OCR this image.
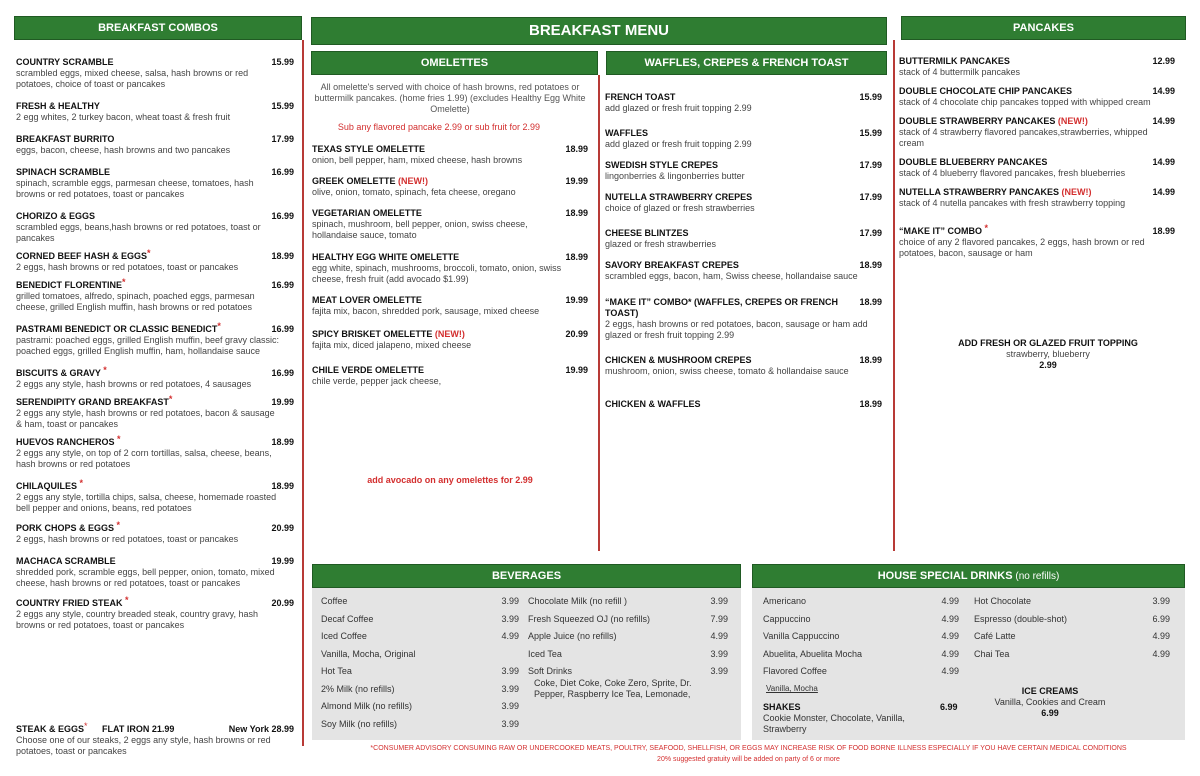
BREAKFAST COMBOS
COUNTRY SCRAMBLE	15.99
scrambled eggs, mixed cheese, salsa, hash browns or red potatoes, choice of toast or pancakes
FRESH & HEALTHY	15.99
2 egg whites, 2 turkey bacon, wheat toast & fresh fruit
BREAKFAST BURRITO	17.99
eggs, bacon, cheese, hash browns and two pancakes
SPINACH SCRAMBLE	16.99
spinach, scramble eggs, parmesan cheese, tomatoes, hash browns or red potatoes, toast or pancakes
CHORIZO & EGGS	16.99
scrambled eggs, beans,hash browns or red potatoes, toast or pancakes
CORNED BEEF HASH & EGGS*	18.99
2 eggs, hash browns or red potatoes, toast or pancakes
BENEDICT FLORENTINE*	16.99
grilled tomatoes, alfredo, spinach, poached eggs, parmesan cheese, grilled English muffin, hash browns or red potatoes
PASTRAMI BENEDICT OR CLASSIC BENEDICT*	16.99
pastrami: poached eggs, grilled English muffin, beef gravy classic: poached eggs, grilled English muffin, ham, hollandaise sauce
BISCUITS & GRAVY *	16.99
2 eggs any style, hash browns or red potatoes, 4 sausages
SERENDIPITY GRAND BREAKFAST*	19.99
2 eggs any style, hash browns or red potatoes, bacon & sausage & ham, toast or pancakes
HUEVOS RANCHEROS *	18.99
2 eggs any style, on top of 2 corn tortillas, salsa, cheese, beans, hash browns or red potatoes
CHILAQUILES *	18.99
2 eggs any style, tortilla chips, salsa, cheese, homemade roasted bell pepper and onions, beans, red potatoes
PORK CHOPS & EGGS *	20.99
2 eggs, hash browns or red potatoes, toast or pancakes
MACHACA SCRAMBLE	19.99
shredded pork, scramble eggs, bell pepper, onion, tomato, mixed cheese, hash browns or red potatoes, toast or pancakes
COUNTRY FRIED STEAK *	20.99
2 eggs any style, country breaded steak, country gravy, hash browns or red potatoes, toast or pancakes
STEAK & EGGS* FLAT IRON 21.99	New York 28.99
Choose one of our steaks, 2 eggs any style, hash browns or red potatoes, toast or pancakes
BREAKFAST MENU
OMELETTES
All omelette's served with choice of hash browns, red potatoes or buttermilk pancakes. (home fries 1.99) (excludes Healthy Egg White Omelette)
Sub any flavored pancake 2.99 or sub fruit for 2.99
TEXAS STYLE OMELETTE	18.99
onion, bell pepper, ham, mixed cheese, hash browns
GREEK OMELETTE (NEW!)	19.99
olive, onion, tomato, spinach, feta cheese, oregano
VEGETARIAN OMELETTE	18.99
spinach, mushroom, bell pepper, onion, swiss cheese, hollandaise sauce, tomato
HEALTHY EGG WHITE OMELETTE	18.99
egg white, spinach, mushrooms, broccoli, tomato, onion, swiss cheese, fresh fruit (add avocado $1.99)
MEAT LOVER OMELETTE	19.99
fajita mix, bacon, shredded pork, sausage, mixed cheese
SPICY BRISKET OMELETTE (NEW!)	20.99
fajita mix, diced jalapeno, mixed cheese
CHILE VERDE OMELETTE	19.99
chile verde, pepper jack cheese,
add avocado on any omelettes for 2.99
WAFFLES, CREPES & FRENCH TOAST
FRENCH TOAST	15.99
add glazed or fresh fruit topping 2.99
WAFFLES	15.99
add glazed or fresh fruit topping 2.99
SWEDISH STYLE CREPES	17.99
lingonberries & lingonberries butter
NUTELLA STRAWBERRY CREPES	17.99
choice of glazed or fresh strawberries
CHEESE BLINTZES	17.99
glazed or fresh strawberries
SAVORY BREAKFAST CREPES	18.99
scrambled eggs, bacon, ham, Swiss cheese, hollandaise sauce
“MAKE IT” COMBO* (WAFFLES, CREPES OR FRENCH TOAST)
18.99
2 eggs, hash browns or red potatoes, bacon, sausage or ham add glazed or fresh fruit topping 2.99
CHICKEN & MUSHROOM CREPES	18.99
mushroom, onion, swiss cheese, tomato & hollandaise sauce
CHICKEN & WAFFLES	18.99
PANCAKES
BUTTERMILK PANCAKES	12.99
stack of 4 buttermilk pancakes
DOUBLE CHOCOLATE CHIP PANCAKES	14.99
stack of 4 chocolate chip pancakes topped with whipped cream
DOUBLE STRAWBERRY PANCAKES (NEW!)	14.99
stack of 4 strawberry flavored pancakes,strawberries, whipped cream
DOUBLE BLUEBERRY PANCAKES	14.99
stack of 4 blueberry flavored pancakes, fresh blueberries
NUTELLA STRAWBERRY PANCAKES (NEW!)	14.99
stack of 4 nutella pancakes with fresh strawberry topping
“MAKE IT” COMBO *	18.99
choice of any 2 flavored pancakes, 2 eggs, hash brown or red potatoes, bacon, sausage or ham
ADD FRESH OR GLAZED FRUIT TOPPING
strawberry, blueberry
2.99
BEVERAGES
Coffee	3.99
Decaf Coffee	3.99
Iced Coffee	4.99
Vanilla, Mocha, Original
Hot Tea	3.99
2% Milk (no refills)	3.99
Almond Milk (no refills)	3.99
Soy Milk (no refills)	3.99
Chocolate Milk (no refill )	3.99
Fresh Squeezed OJ (no refills)	7.99
Apple Juice (no refills)	4.99
Iced Tea	3.99
Soft Drinks	3.99
Coke, Diet Coke, Coke Zero, Sprite, Dr. Pepper, Raspberry Ice Tea, Lemonade,
HOUSE SPECIAL DRINKS (no refills)
Americano	4.99
Cappuccino	4.99
Vanilla Cappuccino	4.99
Abuelita, Abuelita Mocha	4.99
Flavored Coffee	4.99
Vanilla, Mocha
SHAKES	6.99
Cookie Monster, Chocolate, Vanilla, Strawberry
Hot Chocolate	3.99
Espresso (double-shot)	6.99
Café Latte	4.99
Chai Tea	4.99
ICE CREAMS
Vanilla, Cookies and Cream
6.99
*CONSUMER ADVISORY CONSUMING RAW OR UNDERCOOKED MEATS, POULTRY, SEAFOOD, SHELLFISH, OR EGGS MAY INCREASE RISK OF FOOD BORNE ILLNESS ESPECIALLY IF YOU HAVE CERTAIN MEDICAL CONDITIONS
20% suggested gratuity will be added on party of 6 or more
